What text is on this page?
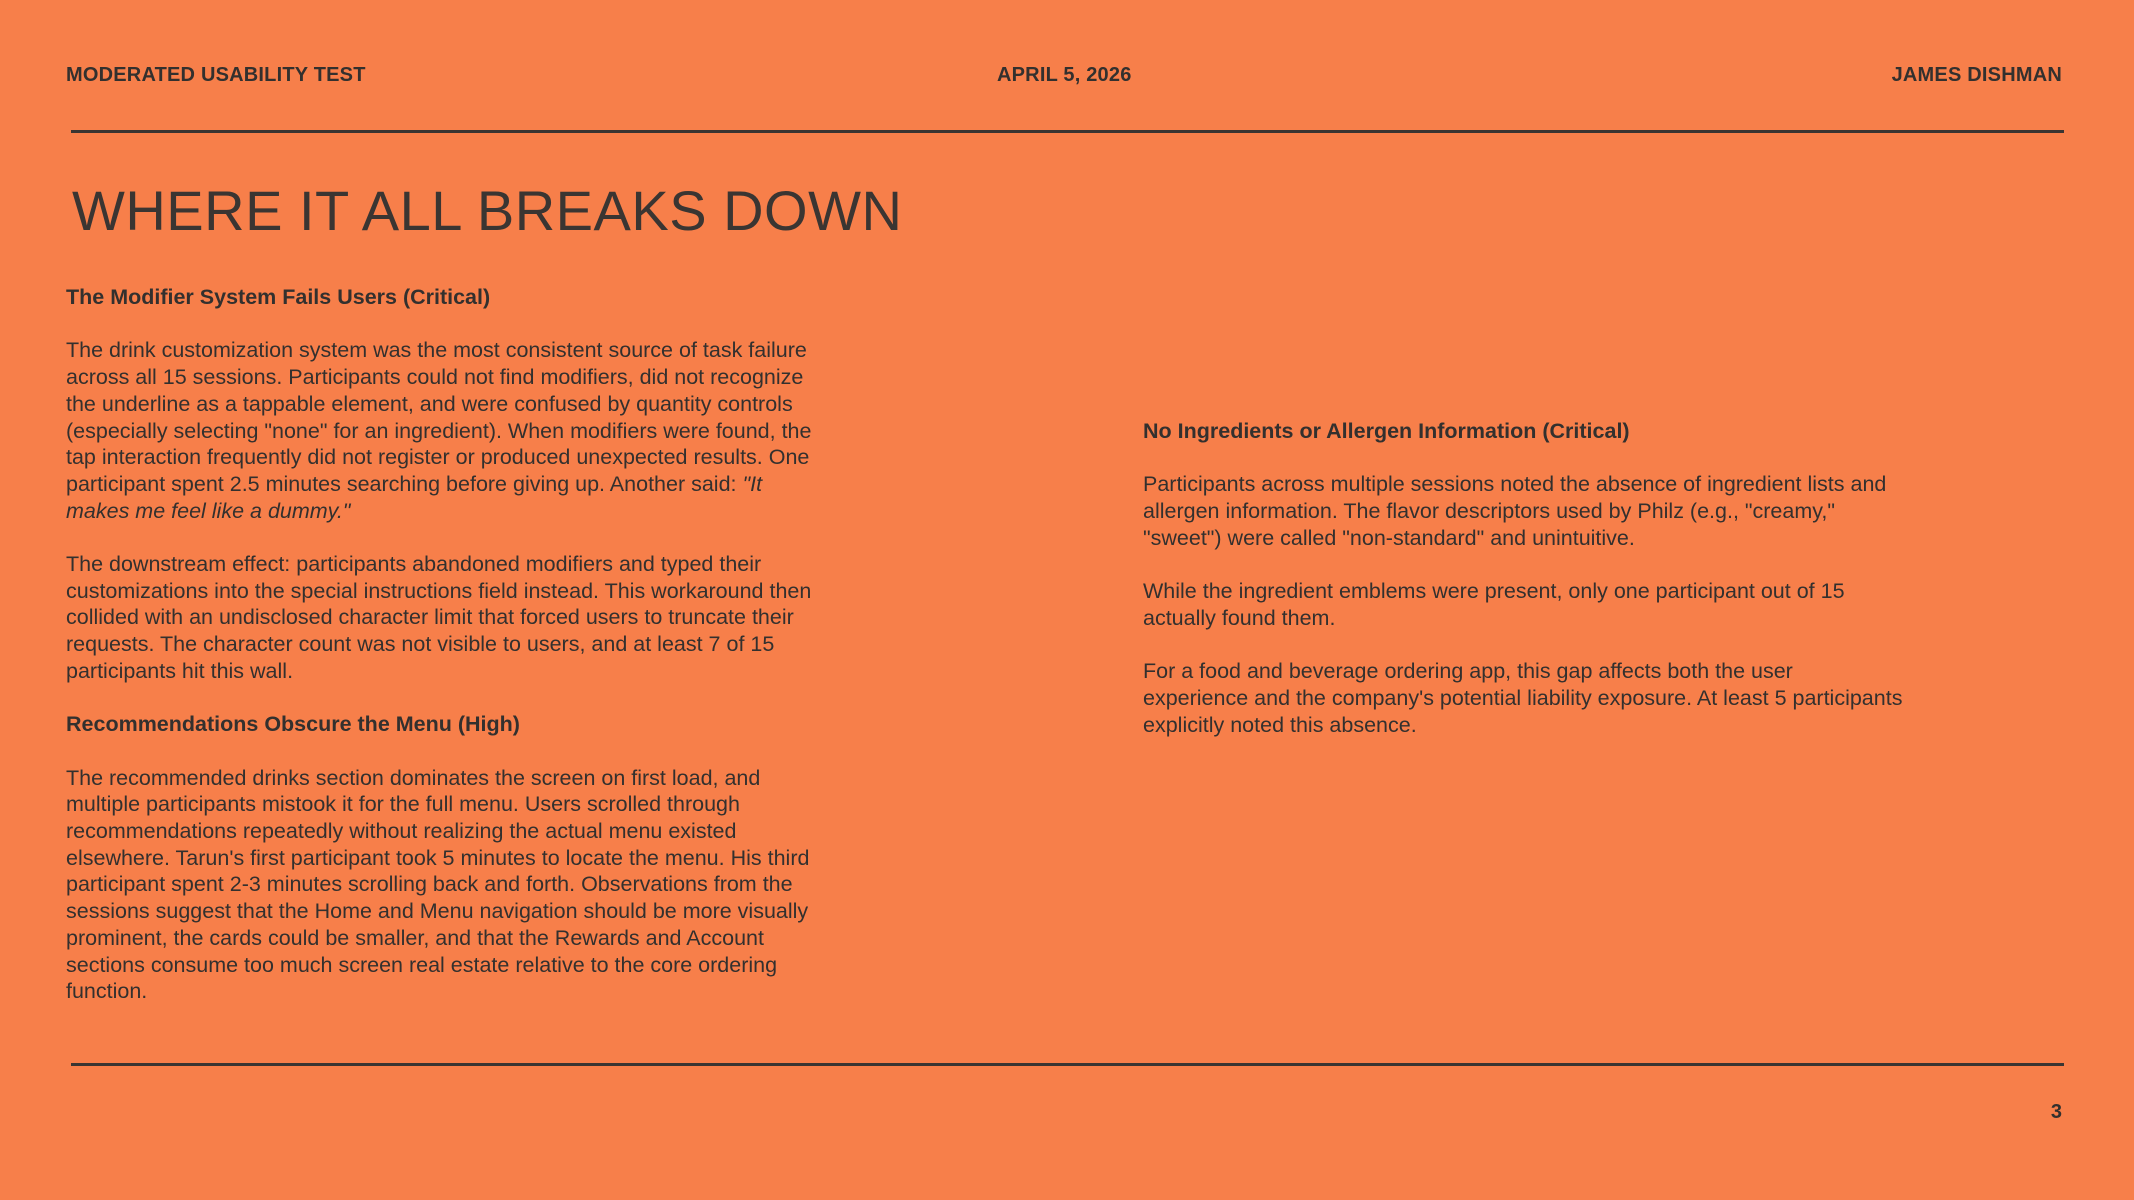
MODERATED USABILITY TEST	APRIL 5, 2026	JAMES DISHMAN
WHERE IT ALL BREAKS DOWN
The Modifier System Fails Users (Critical)

The drink customization system was the most consistent source of task failure across all 15 sessions. Participants could not find modifiers, did not recognize the underline as a tappable element, and were confused by quantity controls (especially selecting "none" for an ingredient). When modifiers were found, the tap interaction frequently did not register or produced unexpected results. One participant spent 2.5 minutes searching before giving up. Another said: "It makes me feel like a dummy."

The downstream effect: participants abandoned modifiers and typed their customizations into the special instructions field instead. This workaround then collided with an undisclosed character limit that forced users to truncate their requests. The character count was not visible to users, and at least 7 of 15 participants hit this wall.

Recommendations Obscure the Menu (High)

The recommended drinks section dominates the screen on first load, and multiple participants mistook it for the full menu. Users scrolled through recommendations repeatedly without realizing the actual menu existed elsewhere. Tarun's first participant took 5 minutes to locate the menu. His third participant spent 2-3 minutes scrolling back and forth. Observations from the sessions suggest that the Home and Menu navigation should be more visually prominent, the cards could be smaller, and that the Rewards and Account sections consume too much screen real estate relative to the core ordering function.

No Ingredients or Allergen Information (Critical)

Participants across multiple sessions noted the absence of ingredient lists and allergen information. The flavor descriptors used by Philz (e.g., "creamy," "sweet") were called "non-standard" and unintuitive.

While the ingredient emblems were present, only one participant out of 15 actually found them.

For a food and beverage ordering app, this gap affects both the user experience and the company's potential liability exposure. At least 5 participants explicitly noted this absence.

3
